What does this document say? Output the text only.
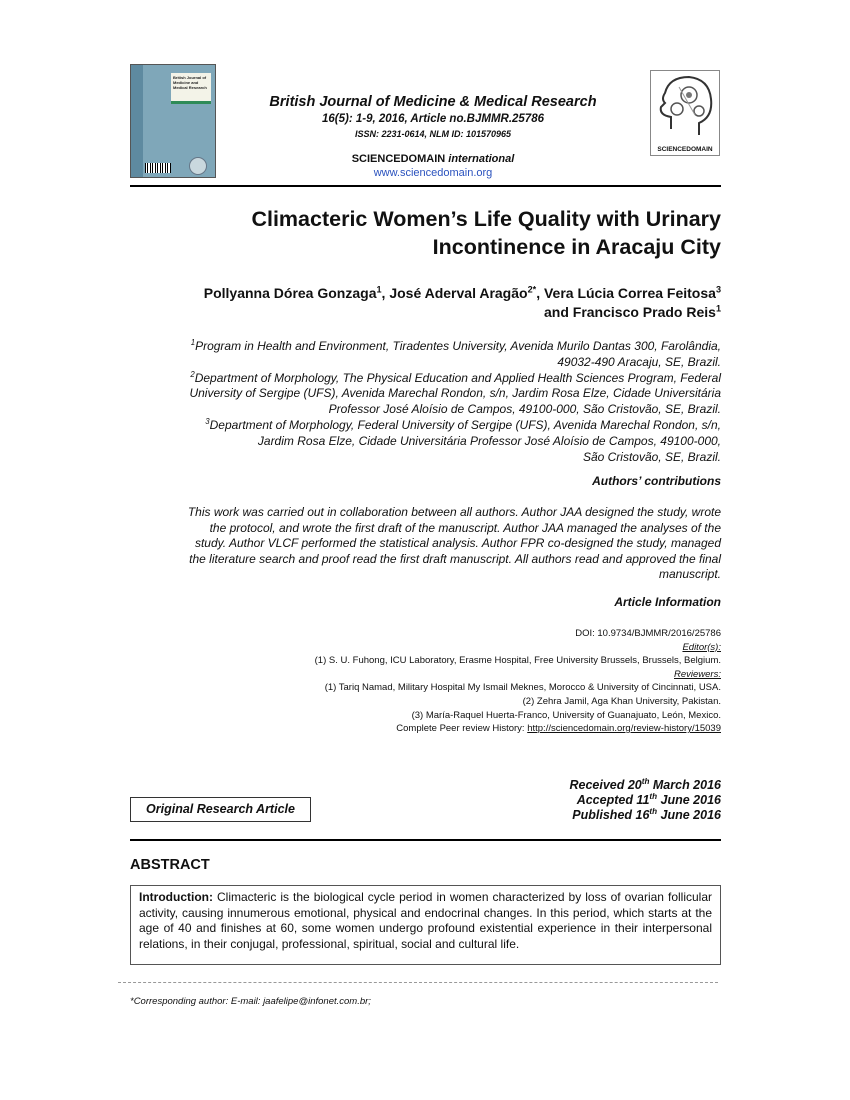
British Journal of Medicine and Medical Research
British Journal of Medicine & Medical Research
16(5): 1-9, 2016, Article no.BJMMR.25786
ISSN: 2231-0614, NLM ID: 101570965
SCIENCEDOMAIN international
www.sciencedomain.org
SCIENCEDOMAIN
Climacteric Women’s Life Quality with Urinary
Incontinence in Aracaju City
Pollyanna Dórea Gonzaga$^1$, José Aderval Aragão$^{2*}$, Vera Lúcia Correa Feitosa$^3$
and Francisco Prado Reis$^1$
$^1$Program in Health and Environment, Tiradentes University, Avenida Murilo Dantas 300, Farolândia,
49032-490 Aracaju, SE, Brazil.
$^2$Department of Morphology, The Physical Education and Applied Health Sciences Program, Federal
University of Sergipe (UFS), Avenida Marechal Rondon, s/n, Jardim Rosa Elze, Cidade Universitária
Professor José Aloísio de Campos, 49100-000, São Cristovão, SE, Brazil.
$^3$Department of Morphology, Federal University of Sergipe (UFS), Avenida Marechal Rondon, s/n,
Jardim Rosa Elze, Cidade Universitária Professor José Aloísio de Campos, 49100-000,
São Cristovão, SE, Brazil.
Authors’ contributions
This work was carried out in collaboration between all authors. Author JAA designed the study, wrote
the protocol, and wrote the first draft of the manuscript. Author JAA managed the analyses of the
study. Author VLCF performed the statistical analysis. Author FPR co-designed the study, managed
the literature search and proof read the first draft manuscript. All authors read and approved the final
manuscript.
Article Information
DOI: 10.9734/BJMMR/2016/25786
Editor(s):
(1) S. U. Fuhong, ICU Laboratory, Erasme Hospital, Free University Brussels, Brussels, Belgium.
Reviewers:
(1) Tariq Namad, Military Hospital My Ismail Meknes, Morocco & University of Cincinnati, USA.
(2) Zehra Jamil, Aga Khan University, Pakistan.
(3) María-Raquel Huerta-Franco, University of Guanajuato, León, Mexico.
Complete Peer review History: http://sciencedomain.org/review-history/15039
Original Research Article
Received 20th March 2016
Accepted 11th June 2016
Published 16th June 2016
ABSTRACT
Introduction: Climacteric is the biological cycle period in women characterized by loss of ovarian follicular activity, causing innumerous emotional, physical and endocrinal changes. In this period, which starts at the age of 40 and finishes at 60, some women undergo profound existential experience in their interpersonal relations, in their conjugal, professional, spiritual, social and cultural life.
*Corresponding author: E-mail: jaafelipe@infonet.com.br;
